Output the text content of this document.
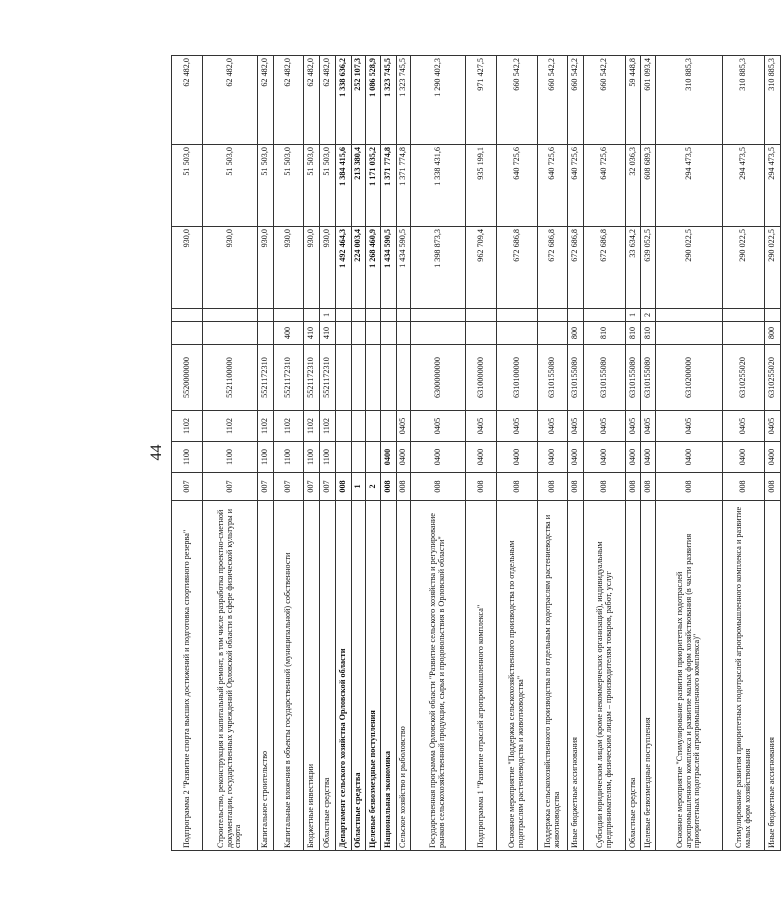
44
Подпрограмма 2 "Развитие спорта высших достижений и подготовка спортивного резерва"	007	1100	1102	5520000000			930,0	51 503,0	62 482,0
Строительство, реконструкция и капитальный ремонт, в том числе разработка проектно-сметной документации, государственных учреждений Орловской области в сфере физической культуры и спорта	007	1100	1102	5521100000			930,0	51 503,0	62 482,0
Капитальное строительство	007	1100	1102	5521172310			930,0	51 503,0	62 482,0
Капитальные вложения в объекты государственной (муниципальной) собственности	007	1100	1102	5521172310	400		930,0	51 503,0	62 482,0
Бюджетные инвестиции	007	1100	1102	5521172310	410		930,0	51 503,0	62 482,0
Областные средства	007	1100	1102	5521172310	410	1	930,0	51 503,0	62 482,0
Департамент сельского хозяйства Орловской области	008						1 492 464,3	1 384 415,6	1 338 636,2
Областные средства	1						224 003,4	213 380,4	252 107,3
Целевые безвозмездные поступления	2						1 268 460,9	1 171 035,2	1 086 528,9
Национальная экономика	008	0400					1 434 590,5	1 371 774,8	1 323 745,5
Сельское хозяйство и рыболовство	008	0400	0405				1 434 590,5	1 371 774,8	1 323 745,5
Государственная программа Орловской области "Развитие сельского хозяйства и регулирование рынков сельскохозяйственной продукции, сырья и продовольствия в Орловской области"	008	0400	0405	6300000000			1 398 873,3	1 338 431,6	1 290 402,3
Подпрограмма 1 "Развитие отраслей агропромышленного комплекса"	008	0400	0405	6310000000			962 709,4	935 199,1	971 427,5
Основное мероприятие "Поддержка сельскохозяйственного производства по отдельным подотраслям растениеводства и животноводства"	008	0400	0405	6310100000			672 686,8	640 725,6	660 542,2
Поддержка сельскохозяйственного производства по отдельным подотраслям растениеводства и животноводства	008	0400	0405	6310155080			672 686,8	640 725,6	660 542,2
Иные бюджетные ассигнования	008	0400	0405	6310155080	800		672 686,8	640 725,6	660 542,2
Субсидии юридическим лицам (кроме некоммерческих организаций), индивидуальным предпринимателям, физическим лицам – производителям товаров, работ, услуг	008	0400	0405	6310155080	810		672 686,8	640 725,6	660 542,2
Областные средства	008	0400	0405	6310155080	810	1	33 634,2	32 036,3	59 448,8
Целевые безвозмездные поступления	008	0400	0405	6310155080	810	2	639 052,5	608 689,3	601 093,4
Основное мероприятие "Стимулирование развития приоритетных подотраслей агропромышленного комплекса и развитие малых форм хозяйствования (в части развития приоритетных подотраслей агропромышленного комплекса)"	008	0400	0405	6310200000			290 022,5	294 473,5	310 885,3
Стимулирование развития приоритетных подотраслей агропромышленного комплекса и развитие малых форм хозяйствования	008	0400	0405	6310255020			290 022,5	294 473,5	310 885,3
Иные бюджетные ассигнования	008	0400	0405	6310255020	800		290 022,5	294 473,5	310 885,3
